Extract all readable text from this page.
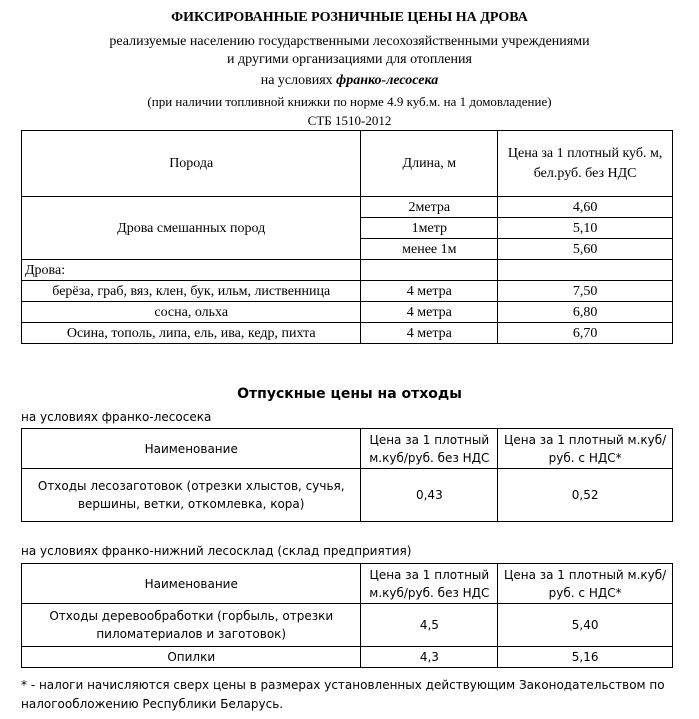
ФИКСИРОВАННЫЕ РОЗНИЧНЫЕ ЦЕНЫ НА ДРОВА
реализуемые населению государственными лесохозяйственными учреждениями
и другими организациями для отопления
на условиях франко-лесосека
(при наличии топливной книжки по норме 4.9 куб.м. на 1 домовладение)
СТБ 1510-2012
Порода	Длина, м	Цена за 1 плотный куб. м, бел.руб. без НДС
Дрова смешанных пород	2метра	4,60
	1метр	5,10
	менее 1м	5,60
Дрова:		
берёза, граб, вяз, клен, бук, ильм, лиственница	4 метра	7,50
сосна, ольха	4 метра	6,80
Осина, тополь, липа, ель, ива, кедр, пихта	4 метра	6,70
Отпускные цены на отходы
на условиях франко-лесосека
Наименование	Цена за 1 плотный м.куб/руб. без НДС	Цена за 1 плотный м.куб/руб. с НДС*
Отходы лесозаготовок (отрезки хлыстов, сучья, вершины, ветки, откомлевка, кора)	0,43	0,52
на условиях франко-нижний лесосклад (склад предприятия)
Наименование	Цена за 1 плотный м.куб/руб. без НДС	Цена за 1 плотный м.куб/руб. с НДС*
Отходы деревообработки (горбыль, отрезки пиломатериалов и заготовок)	4,5	5,40
Опилки	4,3	5,16
* - налоги начисляются сверх цены в размерах установленных действующим Законодательством по налогообложению Республики Беларусь.
